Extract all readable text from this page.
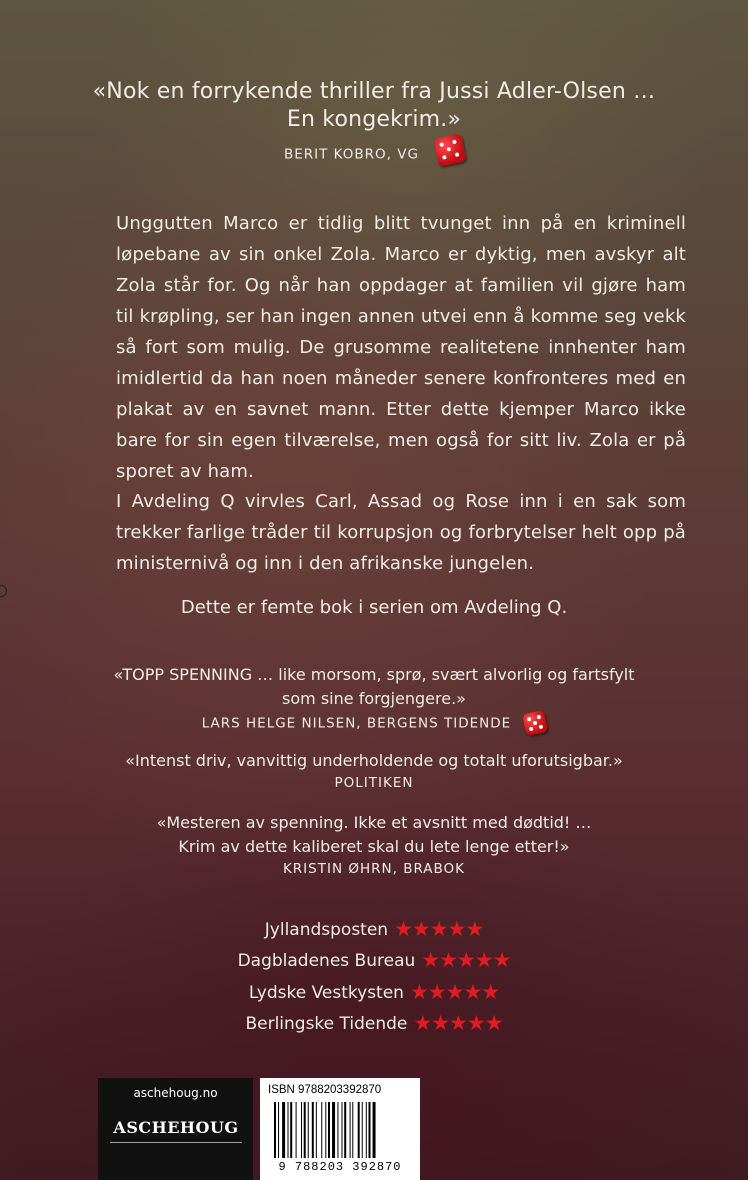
«Nok en forrykende thriller fra Jussi Adler-Olsen …
En kongekrim.»
BERIT KOBRO, VG
Unggutten Marco er tidlig blitt tvunget inn på en kriminell løpebane av sin onkel Zola. Marco er dyktig, men avskyr alt Zola står for. Og når han oppdager at familien vil gjøre ham til krøpling, ser han ingen annen utvei enn å komme seg vekk så fort som mulig. De grusomme realitetene innhenter ham imidlertid da han noen måneder senere konfronteres med en plakat av en savnet mann. Etter dette kjemper Marco ikke bare for sin egen tilværelse, men også for sitt liv. Zola er på sporet av ham.
I Avdeling Q virvles Carl, Assad og Rose inn i en sak som trekker farlige tråder til korrupsjon og forbrytelser helt opp på ministernivå og inn i den afrikanske jungelen.
Dette er femte bok i serien om Avdeling Q.
«TOPP SPENNING … like morsom, sprø, svært alvorlig og fartsfylt
som sine forgjengere.»
LARS HELGE NILSEN, BERGENS TIDENDE
«Intenst driv, vanvittig underholdende og totalt uforutsigbar.»
POLITIKEN
«Mesteren av spenning. Ikke et avsnitt med dødtid! …
Krim av dette kaliberet skal du lete lenge etter!»
KRISTIN ØHRN, BRABOK
Jyllandsposten ★★★★★
Dagbladenes Bureau ★★★★★
Lydske Vestkysten ★★★★★
Berlingske Tidende ★★★★★
aschehoug.no
ASCHEHOUG
ISBN 9788203392870
9 788203 392870
